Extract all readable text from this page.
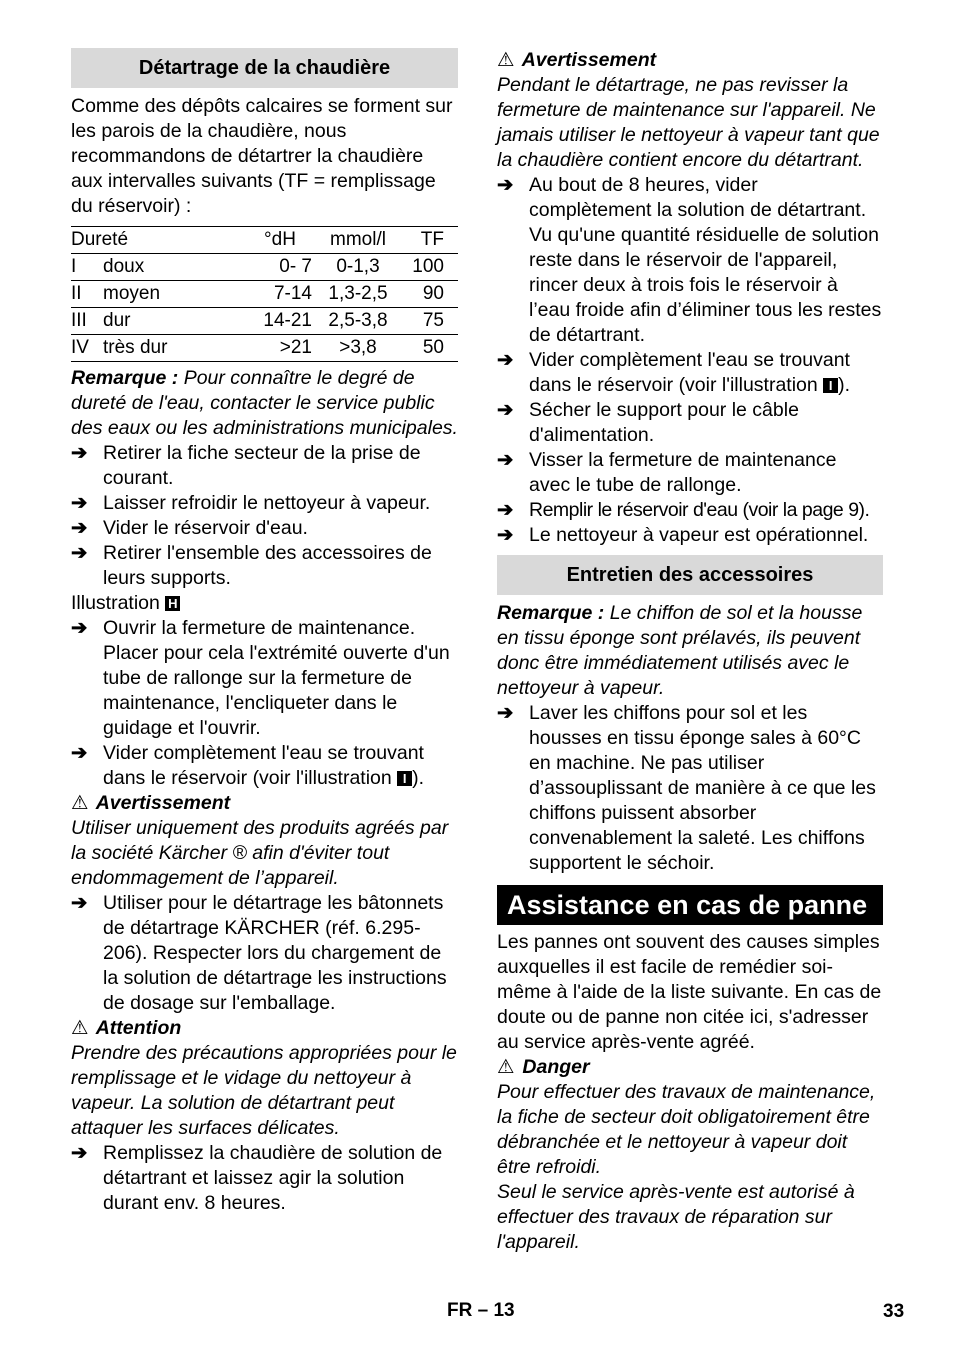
Détartrage de la chaudière

Comme des dépôts calcaires se forment sur les parois de la chaudière, nous recommandons de détartrer la chaudière aux intervalles suivants (TF = remplissage du réservoir) :

Dureté		°dH	mmol/l	TF
I	doux	0- 7	0-1,3	100
II	moyen	7-14	1,3-2,5	90
III	dur	14-21	2,5-3,8	75
IV	très dur	>21	>3,8	50

Remarque : Pour connaître le degré de dureté de l'eau, contacter le service public des eaux ou les administrations municipales.

➔ Retirer la fiche secteur de la prise de courant.

➔ Laisser refroidir le nettoyeur à vapeur.

➔ Vider le réservoir d'eau.

➔ Retirer l'ensemble des accessoires de leurs supports.

Illustration H

➔ Ouvrir la fermeture de maintenance. Placer pour cela l'extrémité ouverte d'un tube de rallonge sur la fermeture de maintenance, l'encliqueter dans le guidage et l'ouvrir.

➔ Vider complètement l'eau se trouvant dans le réservoir (voir l'illustration I ).

⚠ Avertissement

Utiliser uniquement des produits agréés par la société Kärcher ® afin d'éviter tout endommagement de l’appareil.

➔ Utiliser pour le détartrage les bâtonnets de détartrage KÄRCHER (réf. 6.295-206). Respecter lors du chargement de la solution de détartrage les instructions de dosage sur l'emballage.

⚠ Attention

Prendre des précautions appropriées pour le remplissage et le vidage du nettoyeur à vapeur. La solution de détartrant peut attaquer les surfaces délicates.

➔ Remplissez la chaudière de solution de détartrant et laissez agir la solution durant env. 8 heures.

⚠ Avertissement

Pendant le détartrage, ne pas revisser la fermeture de maintenance sur l'appareil. Ne jamais utiliser le nettoyeur à vapeur tant que la chaudière contient encore du détartrant.

➔ Au bout de 8 heures, vider complètement la solution de détartrant. Vu qu'une quantité résiduelle de solution reste dans le réservoir de l'appareil, rincer deux à trois fois le réservoir à l’eau froide afin d’éliminer tous les restes de détartrant.

➔ Vider complètement l'eau se trouvant dans le réservoir (voir l'illustration I ).

➔ Sécher le support pour le câble d'alimentation.

➔ Visser la fermeture de maintenance avec le tube de rallonge.

➔ Remplir le réservoir d'eau (voir la page 9).

➔ Le nettoyeur à vapeur est opérationnel.

Entretien des accessoires

Remarque : Le chiffon de sol et la housse en tissu éponge sont prélavés, ils peuvent donc être immédiatement utilisés avec le nettoyeur à vapeur.

➔ Laver les chiffons pour sol et les housses en tissu éponge sales à 60°C en machine. Ne pas utiliser d’assouplissant de manière à ce que les chiffons puissent absorber convenablement la saleté. Les chiffons supportent le séchoir.

Assistance en cas de panne

Les pannes ont souvent des causes simples auxquelles il est facile de remédier soi-même à l'aide de la liste suivante. En cas de doute ou de panne non citée ici, s'adresser au service après-vente agréé.

⚠ Danger

Pour effectuer des travaux de maintenance, la fiche de secteur doit obligatoirement être débranchée et le nettoyeur à vapeur doit être refroidi.

Seul le service après-vente est autorisé à effectuer des travaux de réparation sur l'appareil.

FR – 13	33
